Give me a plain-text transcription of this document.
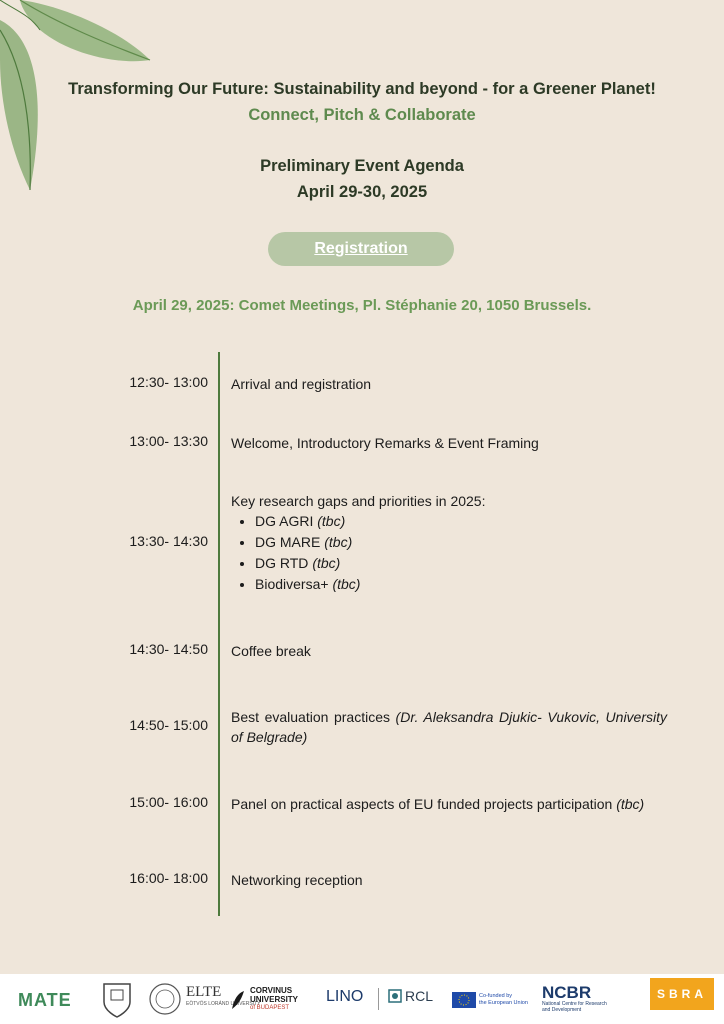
Transforming Our Future: Sustainability and beyond - for a Greener Planet!
Connect, Pitch & Collaborate
Preliminary Event Agenda
April 29-30, 2025
Registration
April 29, 2025: Comet Meetings, Pl. Stéphanie 20, 1050 Brussels.
12:30- 13:00 Arrival and registration
13:00- 13:30 Welcome, Introductory Remarks & Event Framing
13:30- 14:30
Key research gaps and priorities in 2025:
• DG AGRI (tbc)
• DG MARE (tbc)
• DG RTD (tbc)
• Biodiversa+ (tbc)
14:30- 14:50 Coffee break
14:50- 15:00 Best evaluation practices (Dr. Aleksandra Djukic- Vukovic, University of Belgrade)
15:00- 16:00 Panel on practical aspects of EU funded projects participation (tbc)
16:00- 18:00 Networking reception
MATE	ELTE
EÖTVÖS LORÁND UNIVERSITY
CORVINUS
UNIVERSITY
of BUDAPEST
LINO	RCL	Co-funded by
the European Union
NCBR
National Centre for Research
and Development
SBRA
